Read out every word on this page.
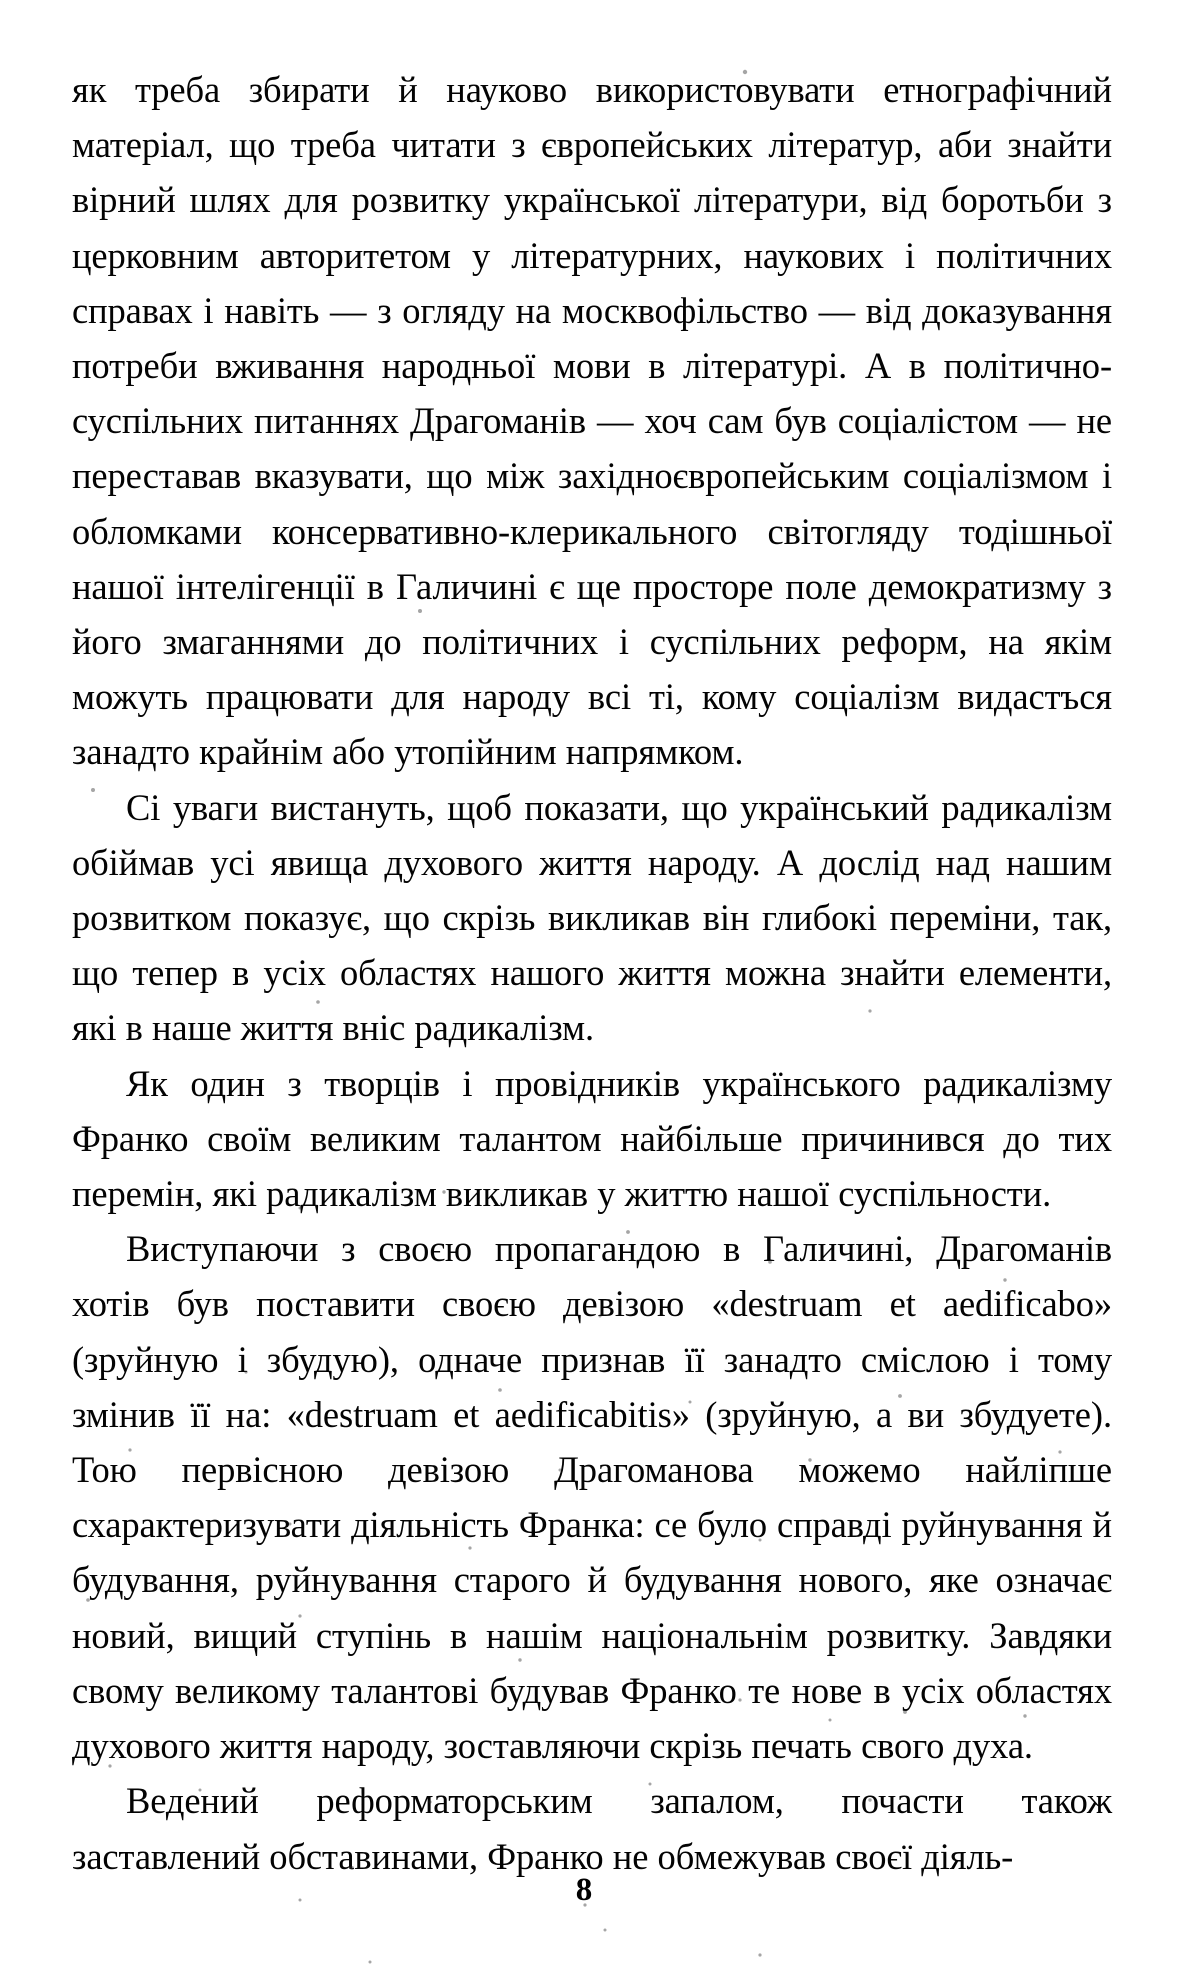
як треба збирати й науково використовувати етнографічний матеріал, що треба читати з європейських літератур, аби знайти вірний шлях для розвитку української літератури, від боротьби з церковним авторитетом у літературних, наукових і політичних справах і навіть — з огляду на москвофільство — від доказування потреби вживання народньої мови в літературі. А в політично-суспільних питаннях Драгоманів — хоч сам був соціалістом — не переставав вказувати, що між західноєвропейським соціалізмом і обломками консервативно-клерикального світогляду тодішньої нашої інтелігенції в Галичині є ще просторе поле демократизму з його змаганнями до політичних і суспільних реформ, на якім можуть працювати для народу всі ті, кому соціалізм видастъся занадто крайнім або утопійним напрямком.

Сі уваги вистануть, щоб показати, що український радикалізм обіймав усі явища духового життя народу. А дослід над нашим розвитком показує, що скрізь викликав він глибокі переміни, так, що тепер в усіх областях нашого життя можна знайти елементи, які в наше життя вніс радикалізм.

Як один з творців і провідників українського радикалізму Франко своїм великим талантом найбільше причинився до тих перемін, які радикалізм викликав у життю нашої суспільности.

Виступаючи з своєю пропагандою в Галичині, Драгоманів хотів був поставити своєю девізою «destruam et aedificabo» (зруйную і збудую), одначе признав її занадто сміслою і тому змінив її на: «destruam et aedificabitis» (зруйную, а ви збудуете). Тою первісною девізою Драгоманова можемо найліпше схарактеризувати діяльність Франка: се було справді руйнування й будування, руйнування старого й будування нового, яке означає новий, вищий ступінь в нашім національнім розвитку. Завдяки свому великому талантові будував Франко те нове в усіх областях духового життя народу, зоставляючи скрізь печать свого духа.

Ведений реформаторським запалом, почасти також заставлений обставинами, Франко не обмежував своєї діяль-

8
